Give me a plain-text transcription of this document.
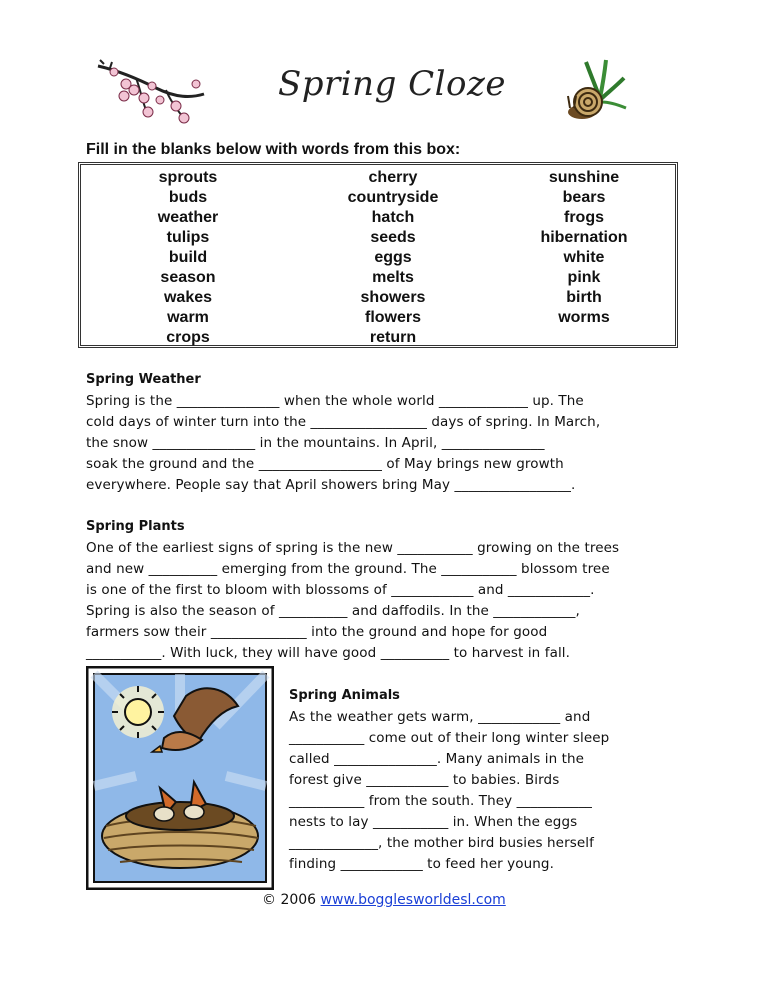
Spring Cloze
Fill in the blanks below with words from this box:
sprouts
buds
weather
tulips
build
season
wakes
warm
crops
cherry
countryside
hatch
seeds
eggs
melts
showers
flowers
return
sunshine
bears
frogs
hibernation
white
pink
birth
worms
Spring Weather
Spring is the _______________ when the whole world _____________ up. The
cold days of winter turn into the _________________ days of spring. In March,
the snow _______________ in the mountains. In April, _______________
soak the ground and the __________________ of May brings new growth
everywhere. People say that April showers bring May _________________.
Spring Plants
One of the earliest signs of spring is the new ___________ growing on the trees
and new __________ emerging from the ground. The ___________ blossom tree
is one of the first to bloom with blossoms of ____________ and ____________.
Spring is also the season of __________ and daffodils. In the ____________,
farmers sow their ______________ into the ground and hope for good
___________. With luck, they will have good __________ to harvest in fall.
Spring Animals
As the weather gets warm, ____________ and
___________ come out of their long winter sleep
called _______________. Many animals in the
forest give ____________ to babies. Birds
___________ from the south. They ___________
nests to lay ___________ in. When the eggs
_____________, the mother bird busies herself
finding ____________ to feed her young.
© 2006 www.bogglesworldesl.com
